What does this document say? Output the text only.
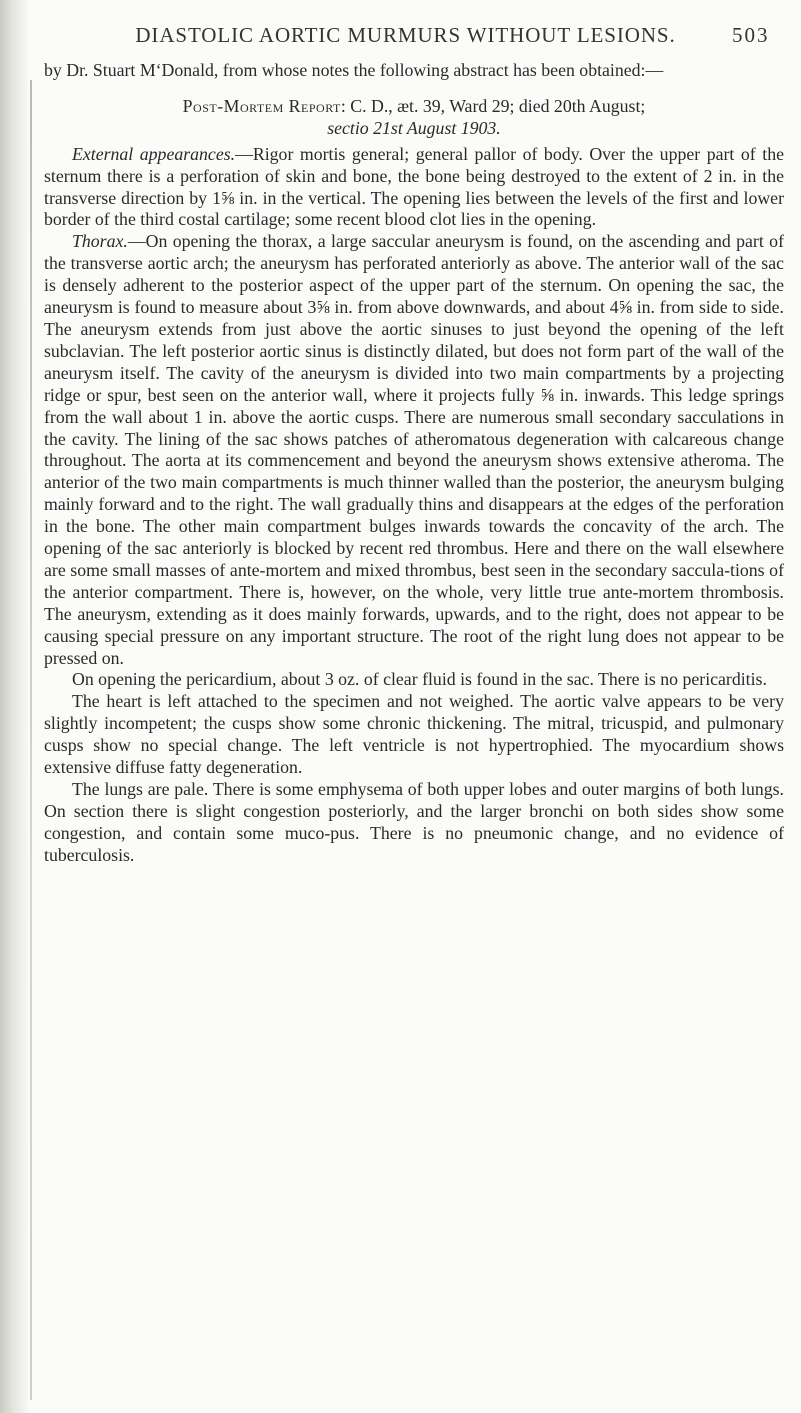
DIASTOLIC AORTIC MURMURS WITHOUT LESIONS.	503

by Dr. Stuart M‘Donald, from whose notes the following abstract has been obtained:—

Post-Mortem Report: C. D., æt. 39, Ward 29; died 20th August;

sectio 21st August 1903.

External appearances.—Rigor mortis general; general pallor of body. Over the upper part of the sternum there is a perforation of skin and bone, the bone being destroyed to the extent of 2 in. in the transverse direction by 1⅝ in. in the vertical. The opening lies between the levels of the first and lower border of the third costal cartilage; some recent blood clot lies in the opening.

Thorax.—On opening the thorax, a large saccular aneurysm is found, on the ascending and part of the transverse aortic arch; the aneurysm has perforated anteriorly as above. The anterior wall of the sac is densely adherent to the posterior aspect of the upper part of the sternum. On opening the sac, the aneurysm is found to measure about 3⅝ in. from above downwards, and about 4⅝ in. from side to side. The aneurysm extends from just above the aortic sinuses to just beyond the opening of the left subclavian. The left posterior aortic sinus is distinctly dilated, but does not form part of the wall of the aneurysm itself. The cavity of the aneurysm is divided into two main compartments by a projecting ridge or spur, best seen on the anterior wall, where it projects fully ⅝ in. inwards. This ledge springs from the wall about 1 in. above the aortic cusps. There are numerous small secondary sacculations in the cavity. The lining of the sac shows patches of atheromatous degeneration with calcareous change throughout. The aorta at its commencement and beyond the aneurysm shows extensive atheroma. The anterior of the two main compartments is much thinner walled than the posterior, the aneurysm bulging mainly forward and to the right. The wall gradually thins and disappears at the edges of the perforation in the bone. The other main compartment bulges inwards towards the concavity of the arch. The opening of the sac anteriorly is blocked by recent red thrombus. Here and there on the wall elsewhere are some small masses of ante-mortem and mixed thrombus, best seen in the secondary saccula-tions of the anterior compartment. There is, however, on the whole, very little true ante-mortem thrombosis. The aneurysm, extending as it does mainly forwards, upwards, and to the right, does not appear to be causing special pressure on any important structure. The root of the right lung does not appear to be pressed on.

On opening the pericardium, about 3 oz. of clear fluid is found in the sac. There is no pericarditis.

The heart is left attached to the specimen and not weighed. The aortic valve appears to be very slightly incompetent; the cusps show some chronic thickening. The mitral, tricuspid, and pulmonary cusps show no special change. The left ventricle is not hypertrophied. The myocardium shows extensive diffuse fatty degeneration.

The lungs are pale. There is some emphysema of both upper lobes and outer margins of both lungs. On section there is slight congestion posteriorly, and the larger bronchi on both sides show some congestion, and contain some muco-pus. There is no pneumonic change, and no evidence of tuberculosis.
